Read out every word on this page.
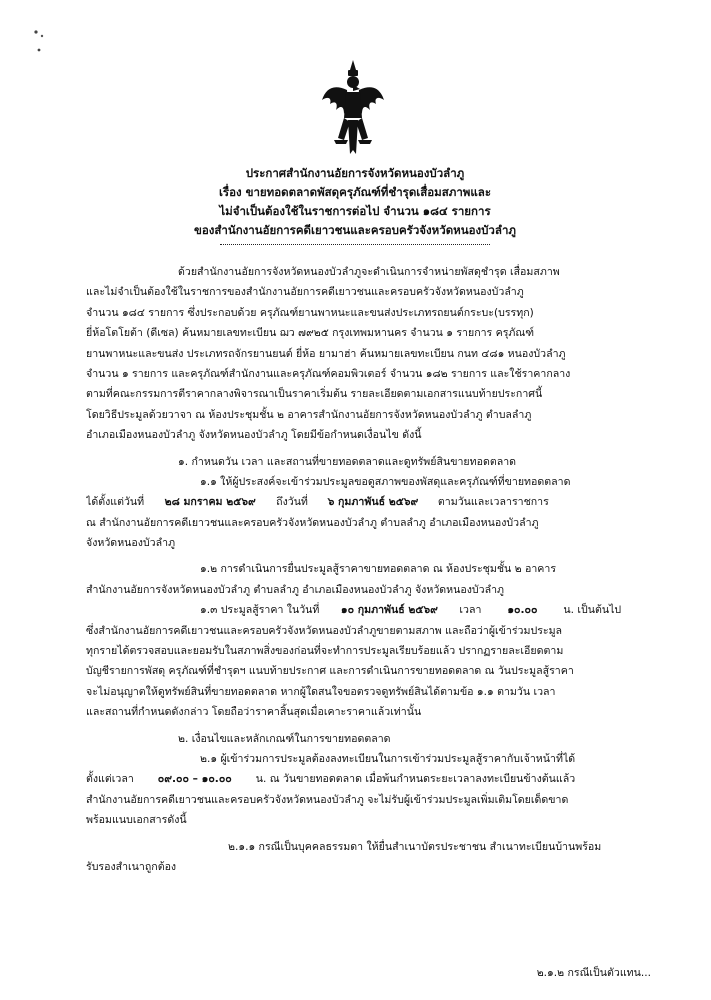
ประกาศสำนักงานอัยการจังหวัดหนองบัวลำภู
เรื่อง ขายทอดตลาดพัสดุครุภัณฑ์ที่ชำรุดเสื่อมสภาพและ
ไม่จำเป็นต้องใช้ในราชการต่อไป จำนวน ๑๘๔ รายการ
ของสำนักงานอัยการคดีเยาวชนและครอบครัวจังหวัดหนองบัวลำภู
ด้วยสำนักงานอัยการจังหวัดหนองบัวลำภูจะดำเนินการจำหน่ายพัสดุชำรุด เสื่อมสภาพ
และไม่จำเป็นต้องใช้ในราชการของสำนักงานอัยการคดีเยาวชนและครอบครัวจังหวัดหนองบัวลำภู
จำนวน ๑๘๔ รายการ ซึ่งประกอบด้วย ครุภัณฑ์ยานพาหนะและขนส่งประเภทรถยนต์กระบะ(บรรทุก)
ยี่ห้อโตโยต้า (ดีเซล) ค้นหมายเลขทะเบียน ฌว ๗๙๒๕ กรุงเทพมหานคร จำนวน ๑ รายการ ครุภัณฑ์
ยานพาหนะและขนส่ง ประเภทรถจักรยานยนต์ ยี่ห้อ ยามาฮ่า ค้นหมายเลขทะเบียน กนท ๔๘๑ หนองบัวลำภู
จำนวน ๑ รายการ และครุภัณฑ์สำนักงานและครุภัณฑ์คอมพิวเตอร์ จำนวน ๑๘๒ รายการ และใช้ราคากลาง
ตามที่คณะกรรมการตีราคากลางพิจารณาเป็นราคาเริ่มต้น รายละเอียดตามเอกสารแนบท้ายประกาศนี้
โดยวิธีประมูลด้วยวาจา ณ ห้องประชุมชั้น ๒ อาคารสำนักงานอัยการจังหวัดหนองบัวลำภู ตำบลลำภู
อำเภอเมืองหนองบัวลำภู จังหวัดหนองบัวลำภู โดยมีข้อกำหนดเงื่อนไข ดังนี้
๑. กำหนดวัน เวลา และสถานที่ขายทอดตลาดและดูทรัพย์สินขายทอดตลาด
๑.๑ ให้ผู้ประสงค์จะเข้าร่วมประมูลขอดูสภาพของพัสดุและครุภัณฑ์ที่ขายทอดตลาด
ได้ตั้งแต่วันที่ ๒๘ มกราคม ๒๕๖๙ ถึงวันที่ ๖ กุมภาพันธ์ ๒๕๖๙ ตามวันและเวลาราชการ
ณ สำนักงานอัยการคดีเยาวชนและครอบครัวจังหวัดหนองบัวลำภู ตำบลลำภู อำเภอเมืองหนองบัวลำภู
จังหวัดหนองบัวลำภู
๑.๒ การดำเนินการยื่นประมูลสู้ราคาขายทอดตลาด ณ ห้องประชุมชั้น ๒ อาคาร
สำนักงานอัยการจังหวัดหนองบัวลำภู ตำบลลำภู อำเภอเมืองหนองบัวลำภู จังหวัดหนองบัวลำภู
๑.๓ ประมูลสู้ราคา ในวันที่ ๑๐ กุมภาพันธ์ ๒๕๖๙ เวลา ๑๐.๐๐ น. เป็นต้นไป
ซึ่งสำนักงานอัยการคดีเยาวชนและครอบครัวจังหวัดหนองบัวลำภูขายตามสภาพ และถือว่าผู้เข้าร่วมประมูล
ทุกรายได้ตรวจสอบและยอมรับในสภาพสิ่งของก่อนที่จะทำการประมูลเรียบร้อยแล้ว ปรากฏรายละเอียดตาม
บัญชีรายการพัสดุ ครุภัณฑ์ที่ชำรุดฯ แนบท้ายประกาศ และการดำเนินการขายทอดตลาด ณ วันประมูลสู้ราคา
จะไม่อนุญาตให้ดูทรัพย์สินที่ขายทอดตลาด หากผู้ใดสนใจขอตรวจดูทรัพย์สินได้ตามข้อ ๑.๑ ตามวัน เวลา
และสถานที่กำหนดดังกล่าว โดยถือว่าราคาสิ้นสุดเมื่อเคาะราคาแล้วเท่านั้น
๒. เงื่อนไขและหลักเกณฑ์ในการขายทอดตลาด
๒.๑ ผู้เข้าร่วมการประมูลต้องลงทะเบียนในการเข้าร่วมประมูลสู้ราคากับเจ้าหน้าที่ได้
ตั้งแต่เวลา ๐๙.๐๐ – ๑๐.๐๐ น. ณ วันขายทอดตลาด เมื่อพ้นกำหนดระยะเวลาลงทะเบียนข้างต้นแล้ว
สำนักงานอัยการคดีเยาวชนและครอบครัวจังหวัดหนองบัวลำภู จะไม่รับผู้เข้าร่วมประมูลเพิ่มเติมโดยเด็ดขาด
พร้อมแนบเอกสารดังนี้
๒.๑.๑ กรณีเป็นบุคคลธรรมดา ให้ยื่นสำเนาบัตรประชาชน สำเนาทะเบียนบ้านพร้อม
รับรองสำเนาถูกต้อง
๒.๑.๒ กรณีเป็นตัวแทน...
